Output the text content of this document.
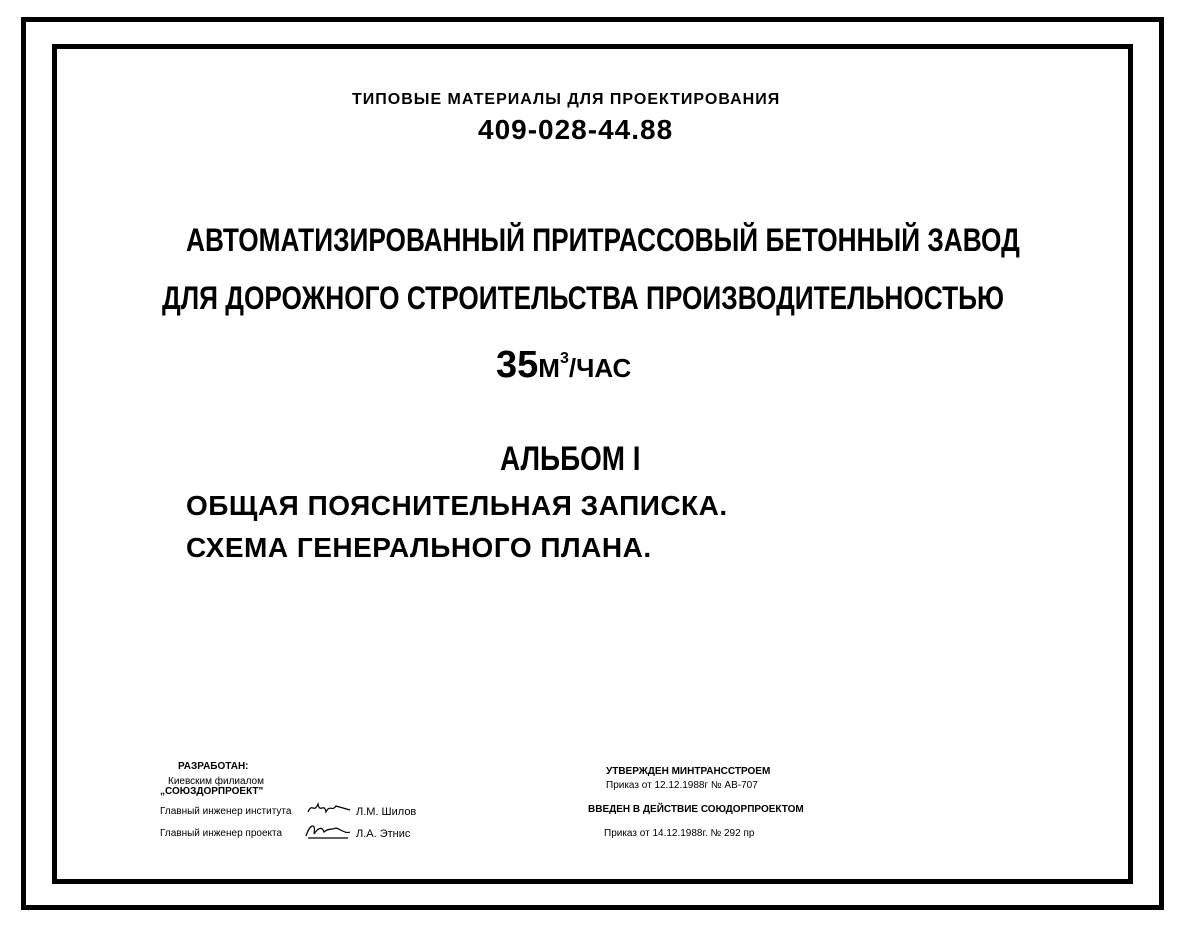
ТИПОВЫЕ МАТЕРИАЛЫ ДЛЯ ПРОЕКТИРОВАНИЯ
409-028-44.88
АВТОМАТИЗИРОВАННЫЙ ПРИТРАССОВЫЙ БЕТОННЫЙ ЗАВОД
ДЛЯ ДОРОЖНОГО СТРОИТЕЛЬСТВА ПРОИЗВОДИТЕЛЬНОСТЬЮ
$35М^3$/ЧАС
АЛЬБОМ I
ОБЩАЯ ПОЯСНИТЕЛЬНАЯ ЗАПИСКА.
СХЕМА ГЕНЕРАЛЬНОГО ПЛАНА.
РАЗРАБОТАН:
Киевским филиалом
„СОЮЗДОРПРОЕКТ"
Главный инженер института	Л.М. Шилов
Главный инженер проекта	Л.А. Этнис
УТВЕРЖДЕН МИНТРАНССТРОЕМ
Приказ от 12.12.1988г № АВ-707
ВВЕДЕН В ДЕЙСТВИЕ СОЮДОРПРОЕКТОМ
Приказ от 14.12.1988г. № 292 пр
